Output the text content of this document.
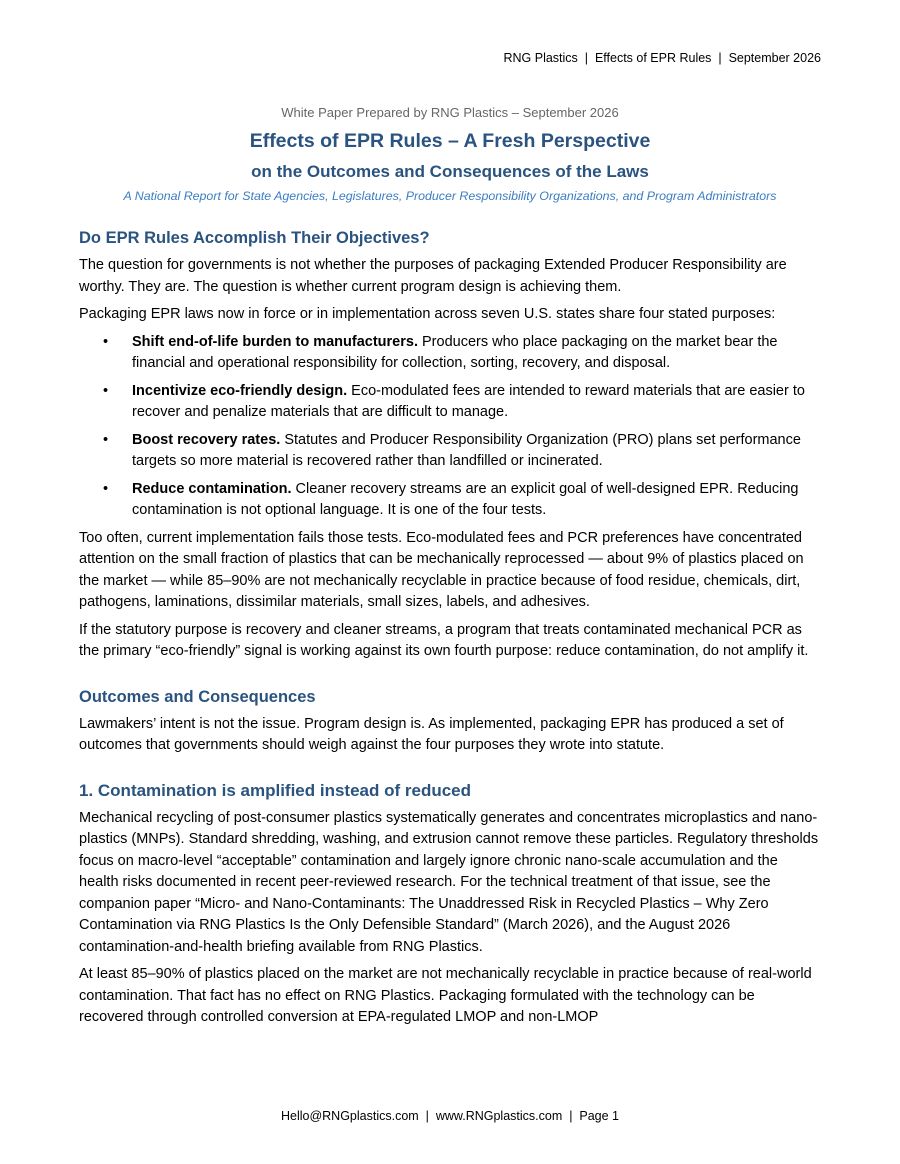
RNG Plastics  |  Effects of EPR Rules  |  September 2026
White Paper Prepared by RNG Plastics – September 2026
Effects of EPR Rules – A Fresh Perspective
on the Outcomes and Consequences of the Laws
A National Report for State Agencies, Legislatures, Producer Responsibility Organizations, and Program Administrators
Do EPR Rules Accomplish Their Objectives?

The question for governments is not whether the purposes of packaging Extended Producer Responsibility are worthy. They are. The question is whether current program design is achieving them.

Packaging EPR laws now in force or in implementation across seven U.S. states share four stated purposes:

• Shift end-of-life burden to manufacturers. Producers who place packaging on the market bear the financial and operational responsibility for collection, sorting, recovery, and disposal.
• Incentivize eco-friendly design. Eco-modulated fees are intended to reward materials that are easier to recover and penalize materials that are difficult to manage.
• Boost recovery rates. Statutes and Producer Responsibility Organization (PRO) plans set performance targets so more material is recovered rather than landfilled or incinerated.
• Reduce contamination. Cleaner recovery streams are an explicit goal of well-designed EPR. Reducing contamination is not optional language. It is one of the four tests.

Too often, current implementation fails those tests. Eco-modulated fees and PCR preferences have concentrated attention on the small fraction of plastics that can be mechanically reprocessed — about 9% of plastics placed on the market — while 85–90% are not mechanically recyclable in practice because of food residue, chemicals, dirt, pathogens, laminations, dissimilar materials, small sizes, labels, and adhesives.

If the statutory purpose is recovery and cleaner streams, a program that treats contaminated mechanical PCR as the primary “eco-friendly” signal is working against its own fourth purpose: reduce contamination, do not amplify it.

Outcomes and Consequences

Lawmakers’ intent is not the issue. Program design is. As implemented, packaging EPR has produced a set of outcomes that governments should weigh against the four purposes they wrote into statute.

1. Contamination is amplified instead of reduced

Mechanical recycling of post-consumer plastics systematically generates and concentrates microplastics and nano-plastics (MNPs). Standard shredding, washing, and extrusion cannot remove these particles. Regulatory thresholds focus on macro-level “acceptable” contamination and largely ignore chronic nano-scale accumulation and the health risks documented in recent peer-reviewed research. For the technical treatment of that issue, see the companion paper “Micro- and Nano-Contaminants: The Unaddressed Risk in Recycled Plastics – Why Zero Contamination via RNG Plastics Is the Only Defensible Standard” (March 2026), and the August 2026 contamination-and-health briefing available from RNG Plastics.

At least 85–90% of plastics placed on the market are not mechanically recyclable in practice because of real-world contamination. That fact has no effect on RNG Plastics. Packaging formulated with the technology can be recovered through controlled conversion at EPA-regulated LMOP and non-LMOP

Hello@RNGplastics.com  |  www.RNGplastics.com  |  Page 1
